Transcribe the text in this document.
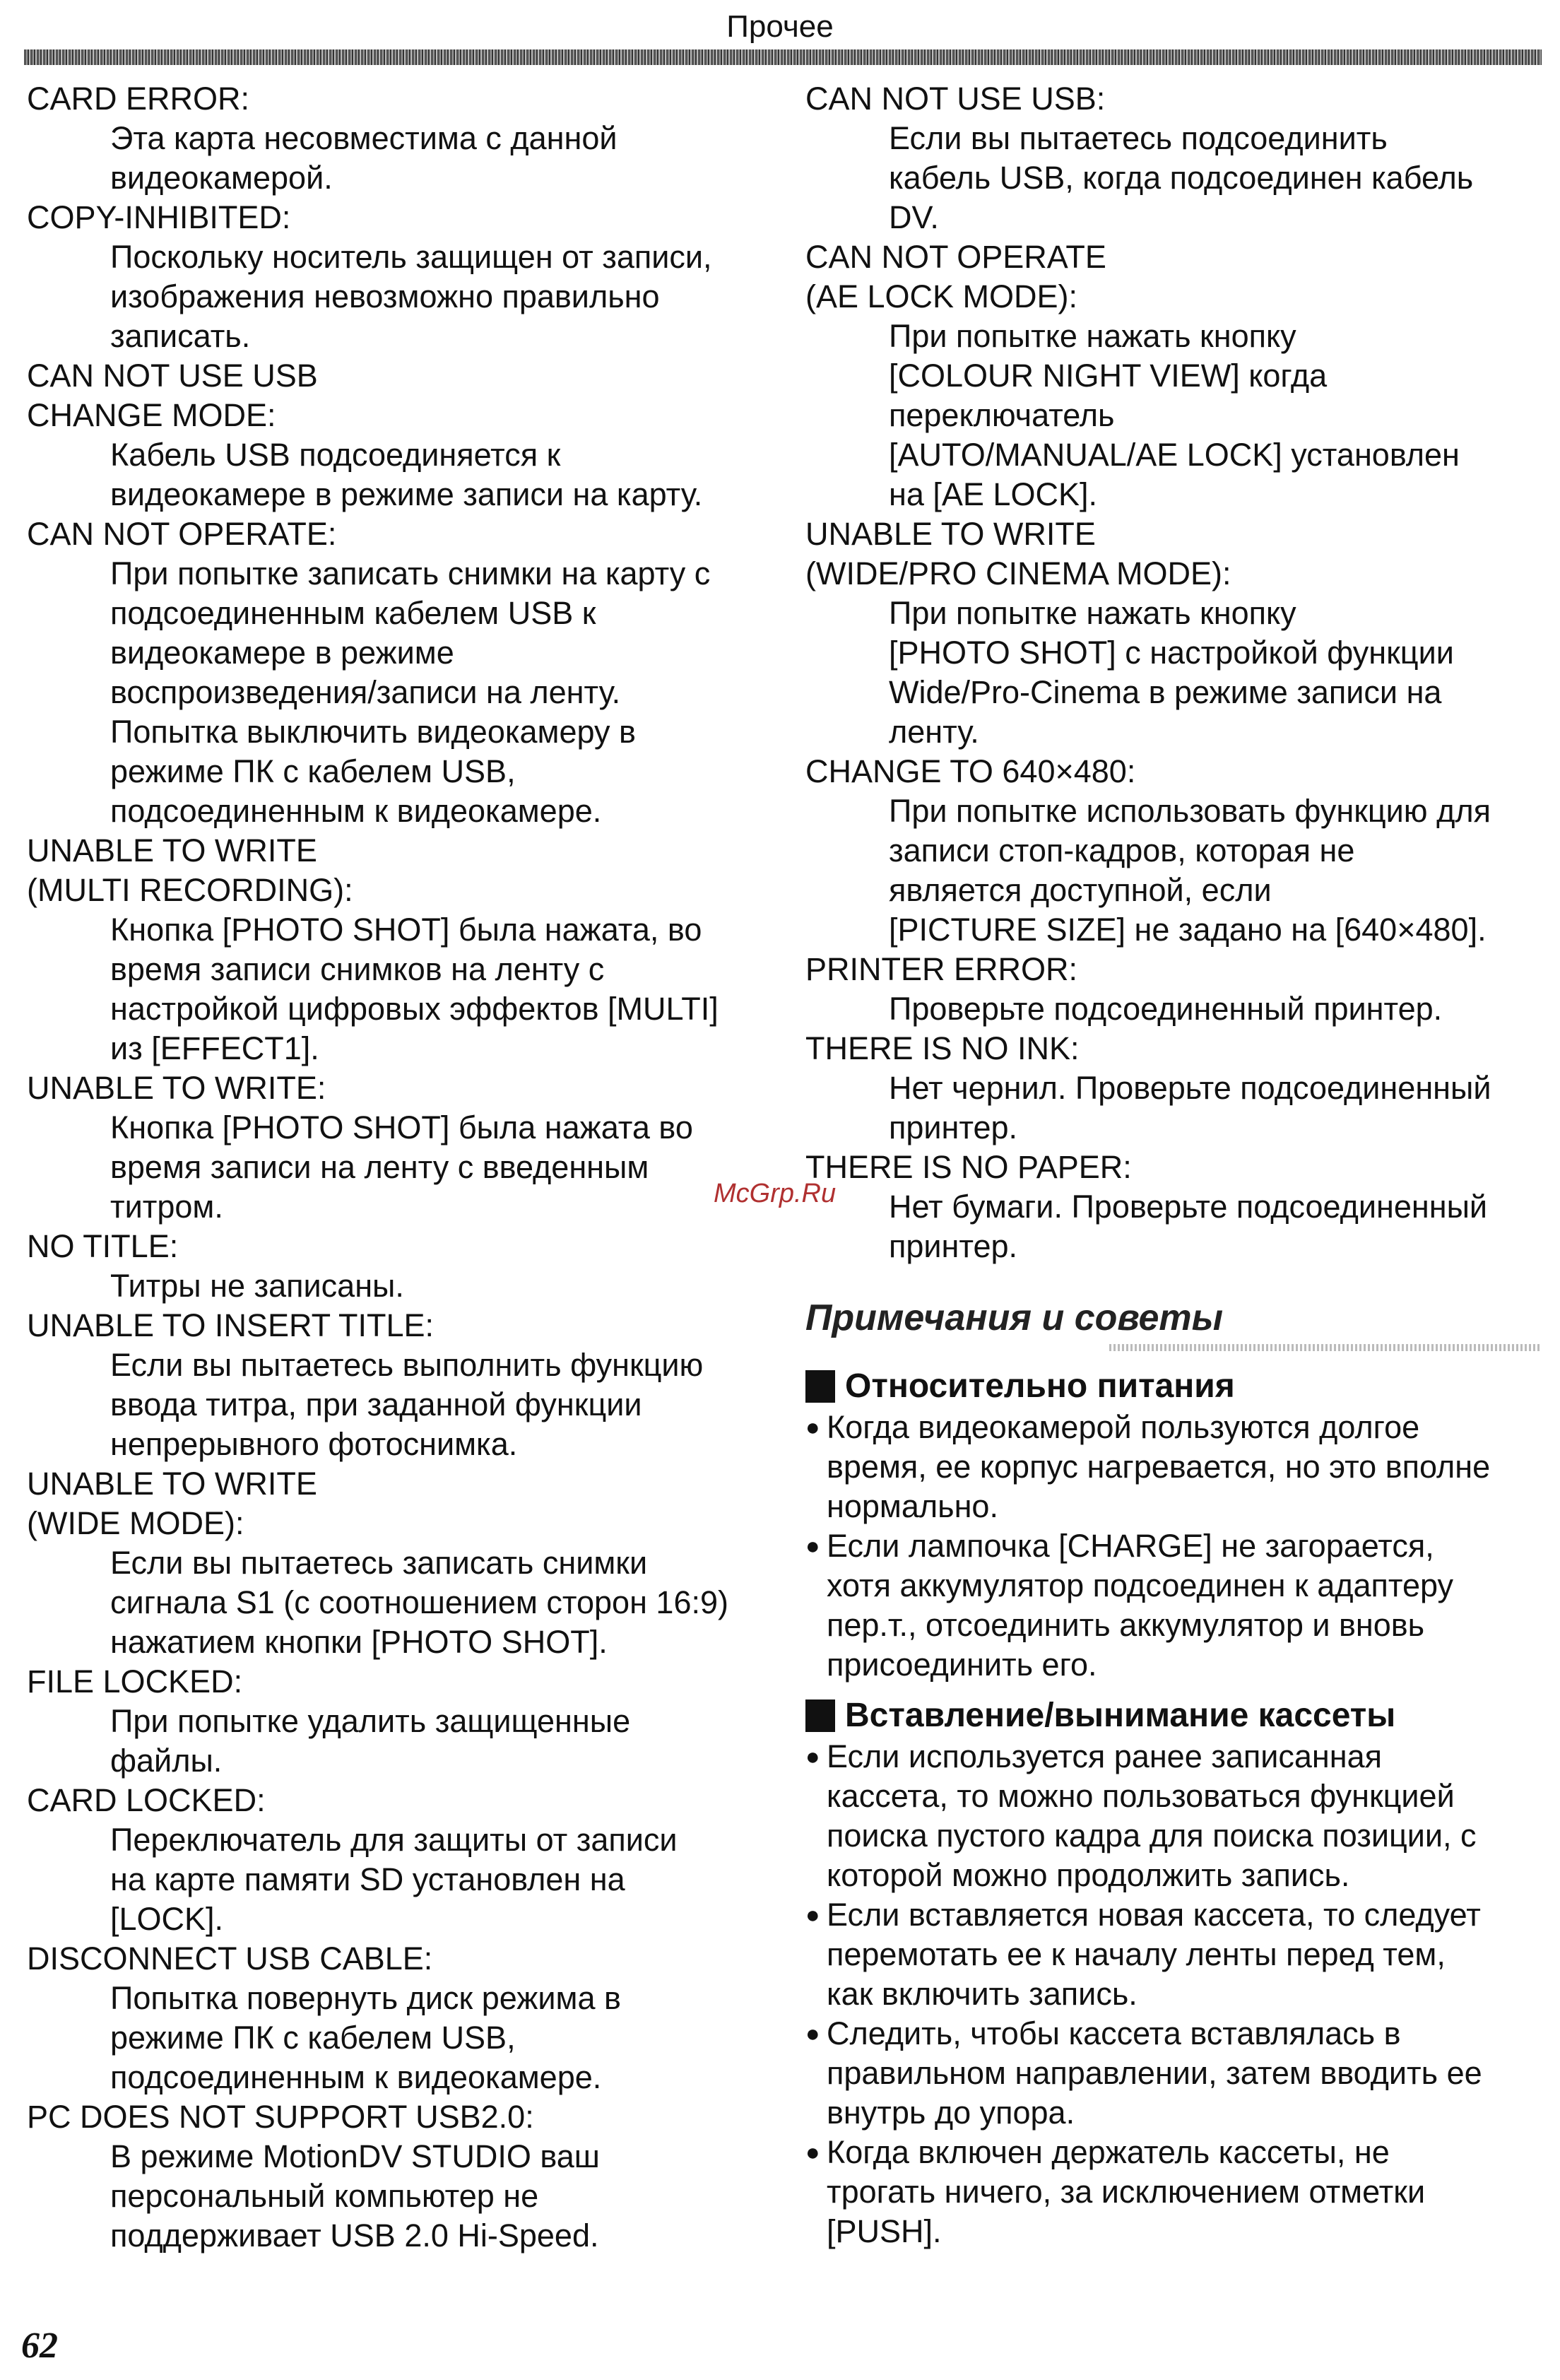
Прочее
CARD ERROR:
Эта карта несовместима с данной
видеокамерой.
COPY-INHIBITED:
Поскольку носитель защищен от записи,
изображения невозможно правильно
записать.
CAN NOT USE USB
CHANGE MODE:
Кабель USB подсоединяется к
видеокамере в режиме записи на карту.
CAN NOT OPERATE:
При попытке записать снимки на карту с
подсоединенным кабелем USB к
видеокамере в режиме
воспроизведения/записи на ленту.
Попытка выключить видеокамеру в
режиме ПК с кабелем USB,
подсоединенным к видеокамере.
UNABLE TO WRITE
(MULTI RECORDING):
Кнопка [PHOTO SHOT] была нажата, во
время записи снимков на ленту с
настройкой цифровых эффектов [MULTI]
из [EFFECT1].
UNABLE TO WRITE:
Кнопка [PHOTO SHOT] была нажата во
время записи на ленту с введенным
титром.
NO TITLE:
Титры не записаны.
UNABLE TO INSERT TITLE:
Если вы пытаетесь выполнить функцию
ввода титра, при заданной функции
непрерывного фотоснимка.
UNABLE TO WRITE
(WIDE MODE):
Если вы пытаетесь записать снимки
сигнала S1 (с соотношением сторон 16:9)
нажатием кнопки [PHOTO SHOT].
FILE LOCKED:
При попытке удалить защищенные
файлы.
CARD LOCKED:
Переключатель для защиты от записи
на карте памяти SD установлен на
[LOCK].
DISCONNECT USB CABLE:
Попытка повернуть диск режима в
режиме ПК с кабелем USB,
подсоединенным к видеокамере.
PC DOES NOT SUPPORT USB2.0:
В режиме MotionDV STUDIO ваш
персональный компьютер не
поддерживает USB 2.0 Hi-Speed.
CAN NOT USE USB:
Если вы пытаетесь подсоединить
кабель USB, когда подсоединен кабель
DV.
CAN NOT OPERATE
(AE LOCK MODE):
При попытке нажать кнопку
[COLOUR NIGHT VIEW] когда
переключатель
[AUTO/MANUAL/AE LOCK] установлен
на [AE LOCK].
UNABLE TO WRITE
(WIDE/PRO CINEMA MODE):
При попытке нажать кнопку
[PHOTO SHOT] с настройкой функции
Wide/Pro-Cinema в режиме записи на
ленту.
CHANGE TO 640×480:
При попытке использовать функцию для
записи стоп-кадров, которая не
является доступной, если
[PICTURE SIZE] не задано на [640×480].
PRINTER ERROR:
Проверьте подсоединенный принтер.
THERE IS NO INK:
Нет чернил. Проверьте подсоединенный
принтер.
THERE IS NO PAPER:
Нет бумаги. Проверьте подсоединенный
принтер.
Примечания и советы
Относительно питания
● Когда видеокамерой пользуются долгое
время, ее корпус нагревается, но это вполне
нормально.
● Если лампочка [CHARGE] не загорается,
хотя аккумулятор подсоединен к адаптеру
пер.т., отсоединить аккумулятор и вновь
присоединить его.
Вставление/вынимание кассеты
● Если используется ранее записанная
кассета, то можно пользоваться функцией
поиска пустого кадра для поиска позиции, с
которой можно продолжить запись.
● Если вставляется новая кассета, то следует
перемотать ее к началу ленты перед тем,
как включить запись.
● Следить, чтобы кассета вставлялась в
правильном направлении, затем вводить ее
внутрь до упора.
● Когда включен держатель кассеты, не
трогать ничего, за исключением отметки
[PUSH].
McGrp.Ru
62
